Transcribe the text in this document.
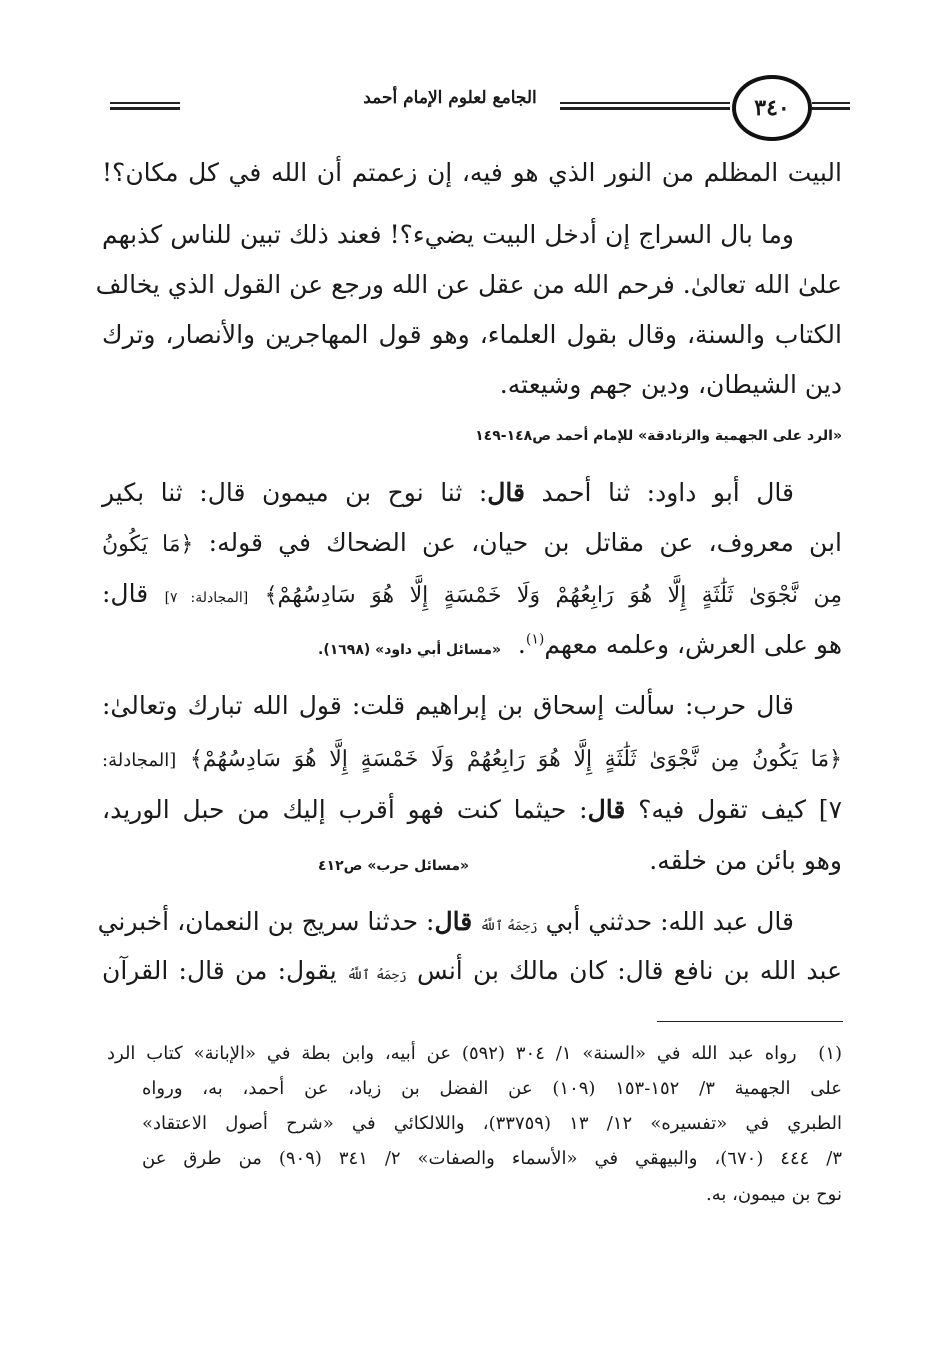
٣٤٠
الجامع لعلوم الإمام أحمد
البيت المظلم من النور الذي هو فيه، إن زعمتم أن الله في كل مكان؟!
وما بال السراج إن أدخل البيت يضيء؟! فعند ذلك تبين للناس كذبهم
علىٰ الله تعالىٰ. فرحم الله من عقل عن الله ورجع عن القول الذي يخالف
الكتاب والسنة، وقال بقول العلماء، وهو قول المهاجرين والأنصار، وترك
دين الشيطان، ودين جهم وشيعته.
«الرد على الجهمية والزنادقة» للإمام أحمد ص١٤٨-١٤٩
قال أبو داود: ثنا أحمد قال: ثنا نوح بن ميمون قال: ثنا بكير
ابن معروف، عن مقاتل بن حيان، عن الضحاك في قوله: ﴿مَا يَكُونُ
مِن نَّجْوَىٰ ثَلَٰثَةٍ إِلَّا هُوَ رَابِعُهُمْ وَلَا خَمْسَةٍ إِلَّا هُوَ سَادِسُهُمْ﴾ [المجادلة: ٧] قال:
هو على العرش، وعلمه معهم$^{(١)}$.
«مسائل أبي داود» (١٦٩٨).
قال حرب: سألت إسحاق بن إبراهيم قلت: قول الله تبارك وتعالىٰ:
﴿مَا يَكُونُ مِن نَّجْوَىٰ ثَلَٰثَةٍ إِلَّا هُوَ رَابِعُهُمْ وَلَا خَمْسَةٍ إِلَّا هُوَ سَادِسُهُمْ﴾ [المجادلة:
٧] كيف تقول فيه؟ قال: حيثما كنت فهو أقرب إليك من حبل الوريد،
وهو بائن من خلقه.
«مسائل حرب» ص٤١٢
قال عبد الله: حدثني أبي رَحِمَهُ ٱللَّهُ قال: حدثنا سريج بن النعمان، أخبرني
عبد الله بن نافع قال: كان مالك بن أنس رَحِمَهُ ٱللَّهُ يقول: من قال: القرآن
(١)  رواه عبد الله في «السنة» ١/ ٣٠٤ (٥٩٢) عن أبيه، وابن بطة في «الإبانة» كتاب الرد
على الجهمية ٣/ ١٥٢-١٥٣ (١٠٩) عن الفضل بن زياد، عن أحمد، به، ورواه
الطبري في «تفسيره» ١٢/ ١٣ (٣٣٧٥٩)، واللالكائي في «شرح أصول الاعتقاد»
٣/ ٤٤٤ (٦٧٠)، والبيهقي في «الأسماء والصفات» ٢/ ٣٤١ (٩٠٩) من طرق عن
نوح بن ميمون، به.
